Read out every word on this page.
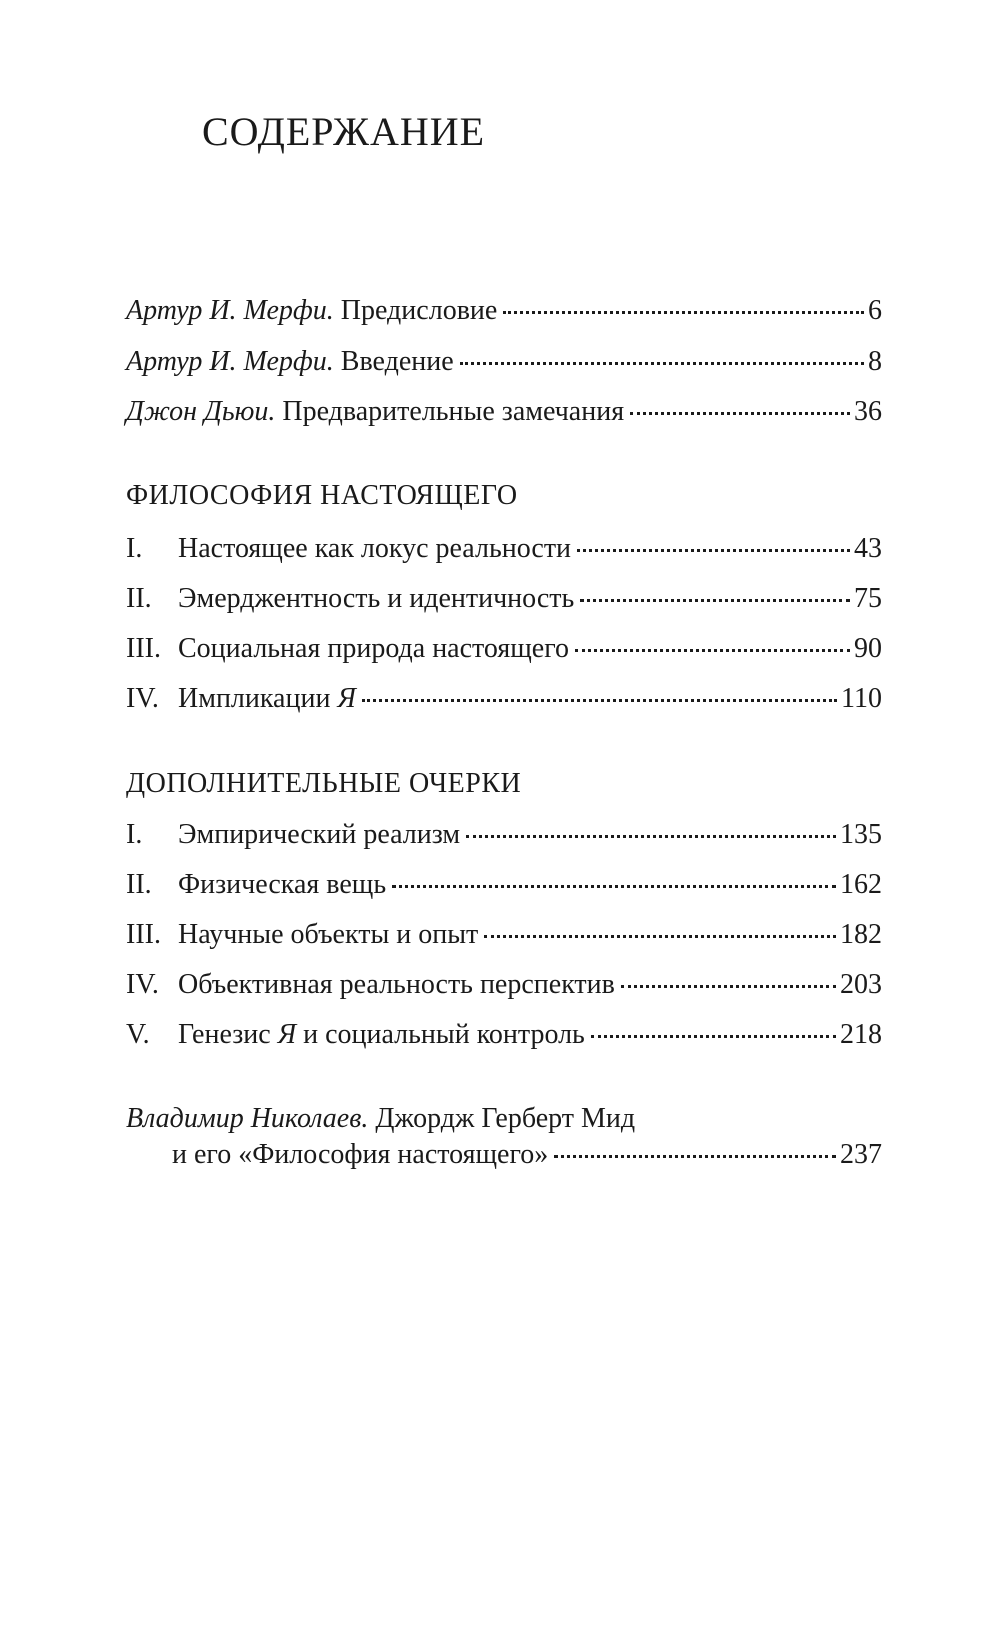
СОДЕРЖАНИЕ
Артур И. Мерфи. Предисловие	6
Артур И. Мерфи. Введение	8
Джон Дьюи. Предварительные замечания	36
ФИЛОСОФИЯ НАСТОЯЩЕГО
I.	Настоящее как локус реальности	43
II. Эмерджентность и идентичность	75
III. Социальная природа настоящего	90
IV. Импликации Я	110
ДОПОЛНИТЕЛЬНЫЕ ОЧЕРКИ
I.	Эмпирический реализм	135
II. Физическая вещь	162
III. Научные объекты и опыт	182
IV. Объективная реальность перспектив	203
V.	Генезис Я и социальный контроль	218
Владимир Николаев. Джордж Герберт Мид
и его «Философия настоящего»	237
